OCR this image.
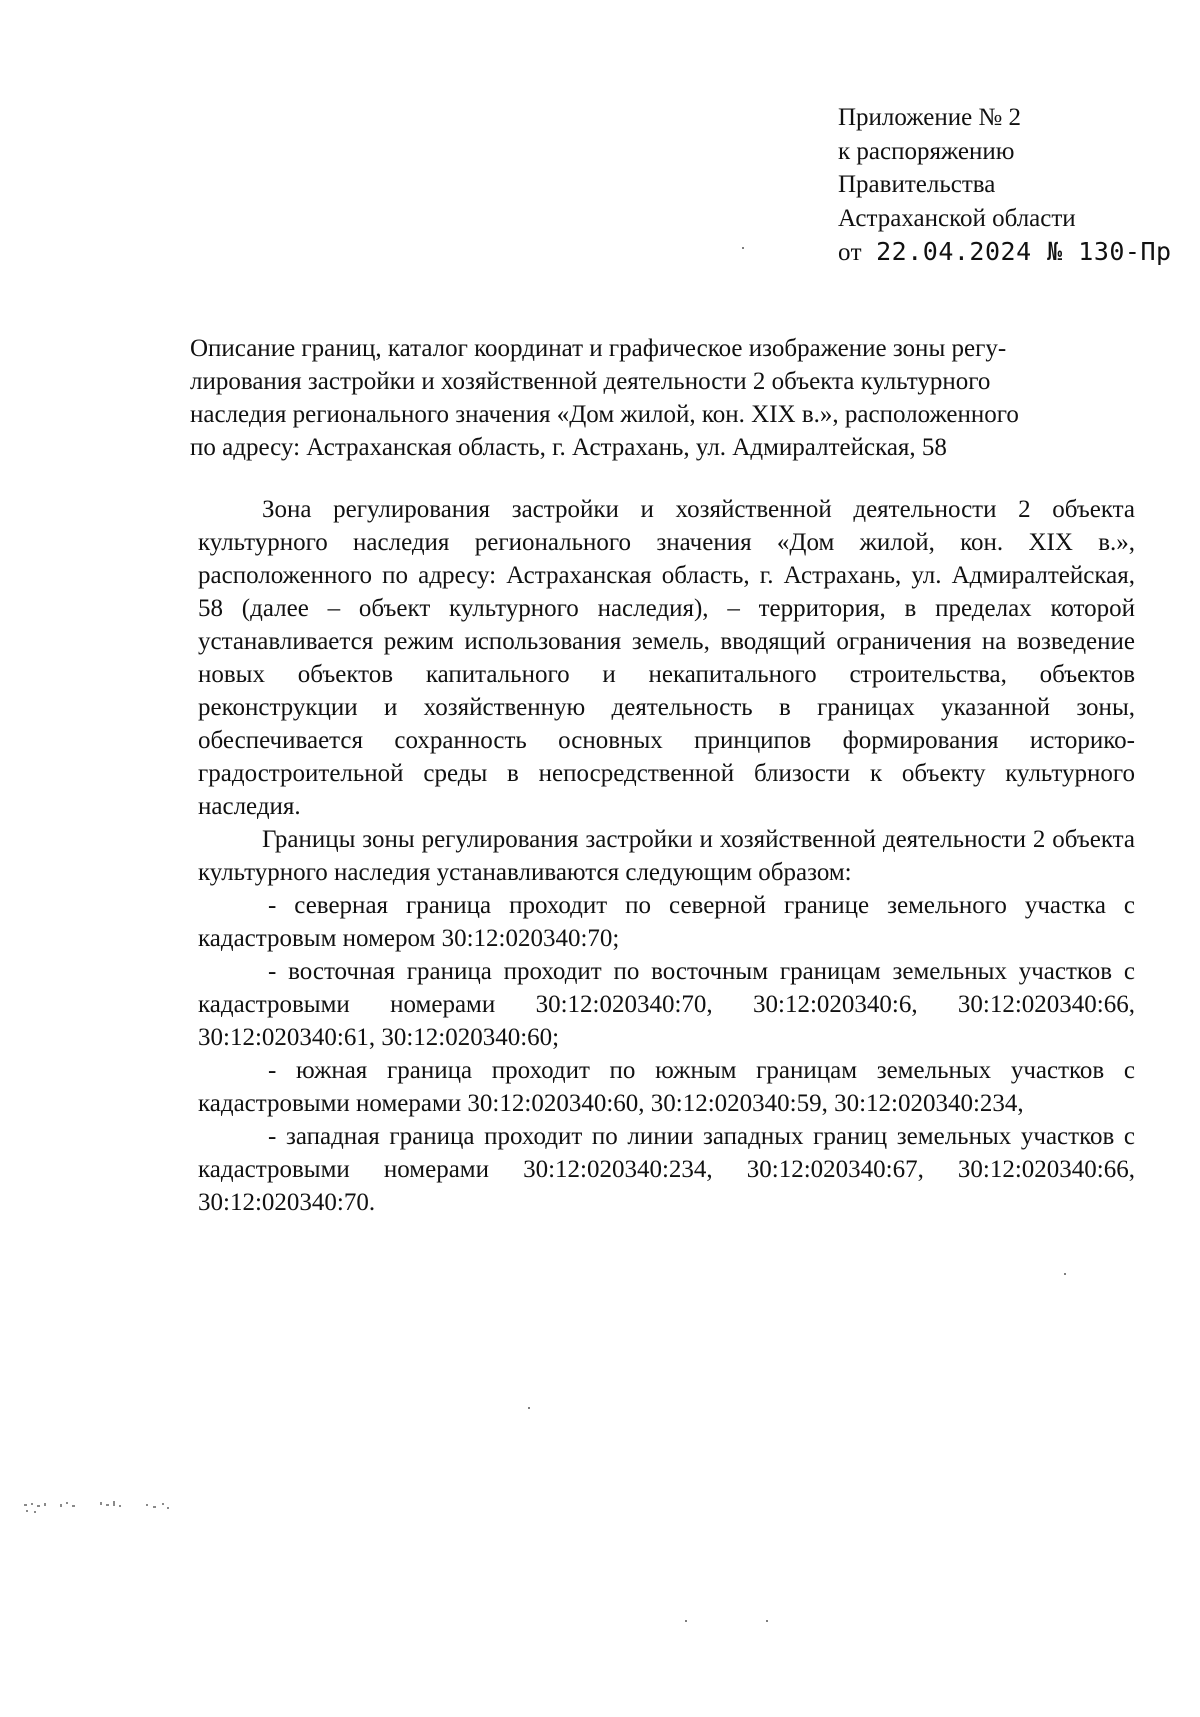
Приложение № 2
к распоряжению
Правительства
Астраханской области
от 22.04.2024 № 130-Пр
Описание границ, каталог координат и графическое изображение зоны регу-
лирования застройки и хозяйственной деятельности 2 объекта культурного
наследия регионального значения «Дом жилой, кон. XIX в.», расположенного
по адресу: Астраханская область, г. Астрахань, ул. Адмиралтейская, 58

Зона регулирования застройки и хозяйственной деятельности 2 объекта культурного наследия регионального значения «Дом жилой, кон. XIX в.», расположенного по адресу: Астраханская область, г. Астрахань, ул. Адмиралтейская, 58 (далее – объект культурного наследия), – территория, в пределах которой устанавливается режим использования земель, вводящий ограничения на возведение новых объектов капитального и некапитального строительства, объектов реконструкции и хозяйственную деятельность в границах указанной зоны, обеспечивается сохранность основных принципов формирования историко-градостроительной среды в непосредственной близости к объекту культурного наследия.

Границы зоны регулирования застройки и хозяйственной деятельности 2 объекта культурного наследия устанавливаются следующим образом:

- северная граница проходит по северной границе земельного участка с кадастровым номером 30:12:020340:70;

- восточная граница проходит по восточным границам земельных участков с кадастровыми номерами 30:12:020340:70, 30:12:020340:6, 30:12:020340:66, 30:12:020340:61, 30:12:020340:60;

- южная граница проходит по южным границам земельных участков с кадастровыми номерами 30:12:020340:60, 30:12:020340:59, 30:12:020340:234,

- западная граница проходит по линии западных границ земельных участков с кадастровыми номерами 30:12:020340:234, 30:12:020340:67, 30:12:020340:66, 30:12:020340:70.
